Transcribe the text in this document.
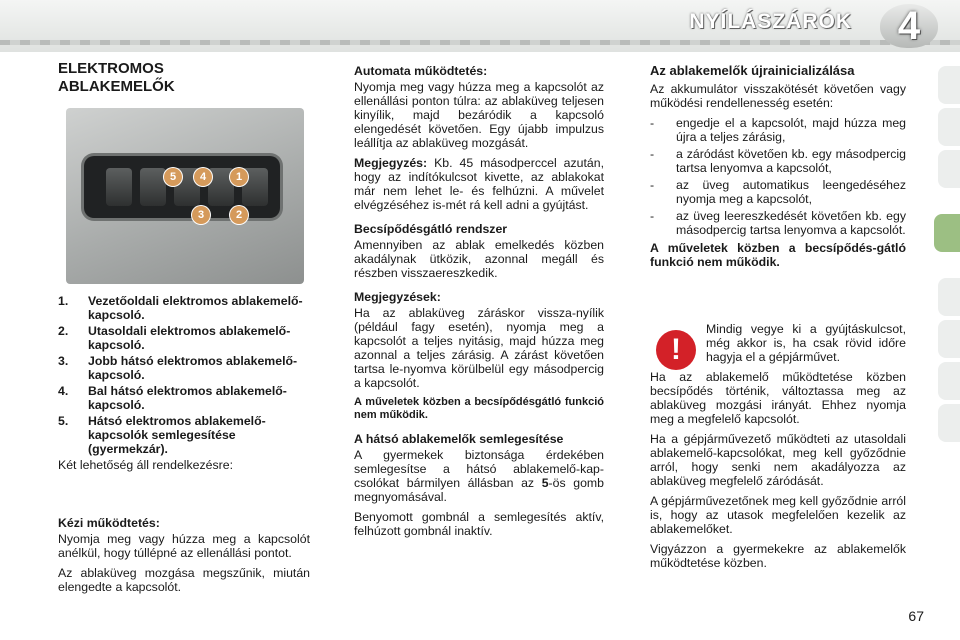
NYÍLÁSZÁRÓK	4
ELEKTROMOS
ABLAKEMELŐK
5	4	1
3	2
1. Vezetőoldali elektromos ablakemelő-kapcsoló.
2. Utasoldali elektromos ablakemelő-kapcsoló.
3. Jobb hátsó elektromos ablakemelő-kapcsoló.
4. Bal hátsó elektromos ablakemelő-kapcsoló.
5. Hátsó elektromos ablakemelő-kapcsolók semlegesítése (gyermekzár).

Két lehetőség áll rendelkezésre:

Kézi működtetés:

Nyomja meg vagy húzza meg a kapcsolót anélkül, hogy túllépné az ellenállási pontot.

Az ablaküveg mozgása megszűnik, miután elengedte a kapcsolót.

Automata működtetés:

Nyomja meg vagy húzza meg a kapcsolót az ellenállási ponton túlra: az ablaküveg teljesen kinyílik, majd bezáródik a kapcsoló elengedését követően. Egy újabb impulzus leállítja az ablaküveg mozgását.

Megjegyzés: Kb. 45 másodperccel azután, hogy az indítókulcsot kivette, az ablakokat már nem lehet le- és felhúzni. A művelet elvégzéséhez is-mét rá kell adni a gyújtást.

Becsípődésgátló rendszer

Amennyiben az ablak emelkedés közben akadálynak ütközik, azonnal megáll és részben visszaereszkedik.

Megjegyzések:

Ha az ablaküveg záráskor vissza-nyílik (például fagy esetén), nyomja meg a kapcsolót a teljes nyitásig, majd húzza meg azonnal a teljes zárásig. A zárást követően tartsa le-nyomva körülbelül egy másodpercig a kapcsolót.

A műveletek közben a becsípődésgátló funkció nem működik.

A hátsó ablakemelők semlegesítése

A gyermekek biztonsága érdekében semlegesítse a hátsó ablakemelő-kap-csolókat bármilyen állásban az 5-ös gomb megnyomásával.

Benyomott gombnál a semlegesítés aktív, felhúzott gombnál inaktív.

Az ablakemelők újrainicializálása

Az akkumulátor visszakötését követően vagy működési rendellenesség esetén:

- engedje el a kapcsolót, majd húzza meg újra a teljes zárásig,
- a záródást követően kb. egy másodpercig tartsa lenyomva a kapcsolót,
- az üveg automatikus leengedéséhez nyomja meg a kapcsolót,
- az üveg leereszkedését követően kb. egy másodpercig tartsa lenyomva a kapcsolót.

A műveletek közben a becsípődés-gátló funkció nem működik.

!

Mindig vegye ki a gyújtáskulcsot, még akkor is, ha csak rövid időre hagyja el a gépjárművet.

Ha az ablakemelő működtetése közben becsípődés történik, változtassa meg az ablaküveg mozgási irányát. Ehhez nyomja meg a megfelelő kapcsolót.

Ha a gépjárművezető működteti az utasoldali ablakemelő-kapcsolókat, meg kell győződnie arról, hogy senki nem akadályozza az ablaküveg megfelelő záródását.

A gépjárművezetőnek meg kell győződnie arról is, hogy az utasok megfelelően kezelik az ablakemelőket.

Vigyázzon a gyermekekre az ablakemelők működtetése közben.

67
